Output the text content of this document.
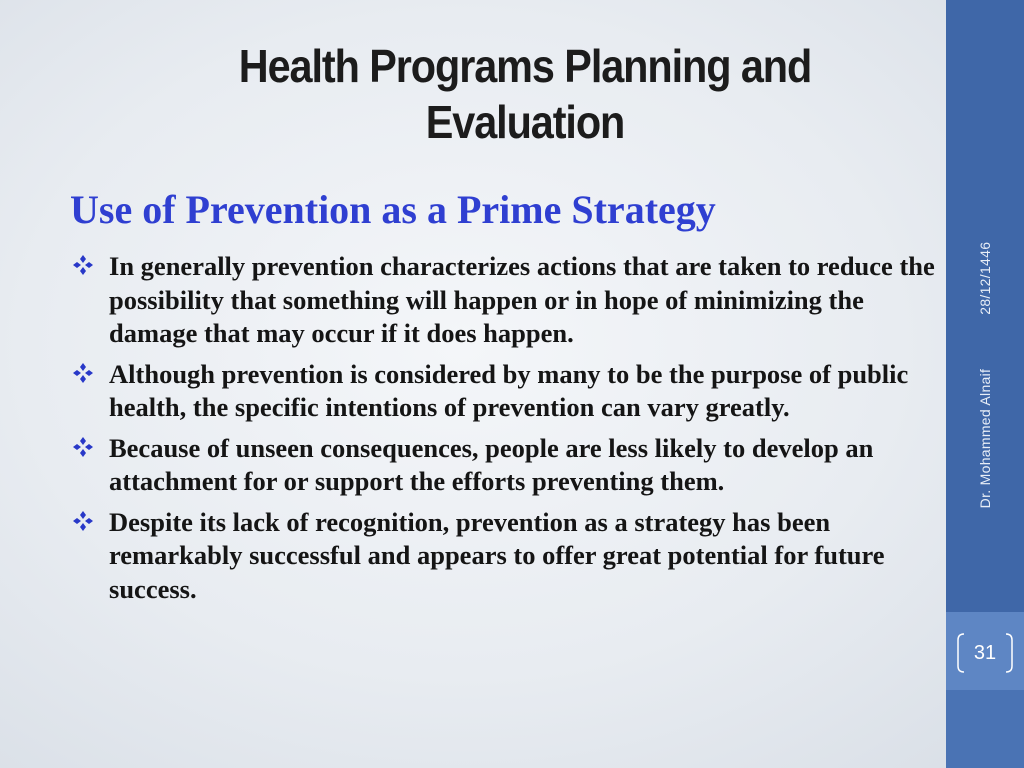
Health Programs Planning and
Evaluation
Use of Prevention as a Prime Strategy
In generally prevention characterizes actions that are taken to reduce the possibility that something will happen or in hope of minimizing the damage that may occur if it does happen.
Although prevention is considered by many to be the purpose of public health, the specific intentions of prevention can vary greatly.
Because of unseen consequences, people are less likely to develop an attachment for or support the efforts preventing them.
Despite its lack of recognition, prevention as a strategy has been remarkably successful and appears to offer great potential for future success.
Dr. Mohammed Alnaif28/12/1446
31
